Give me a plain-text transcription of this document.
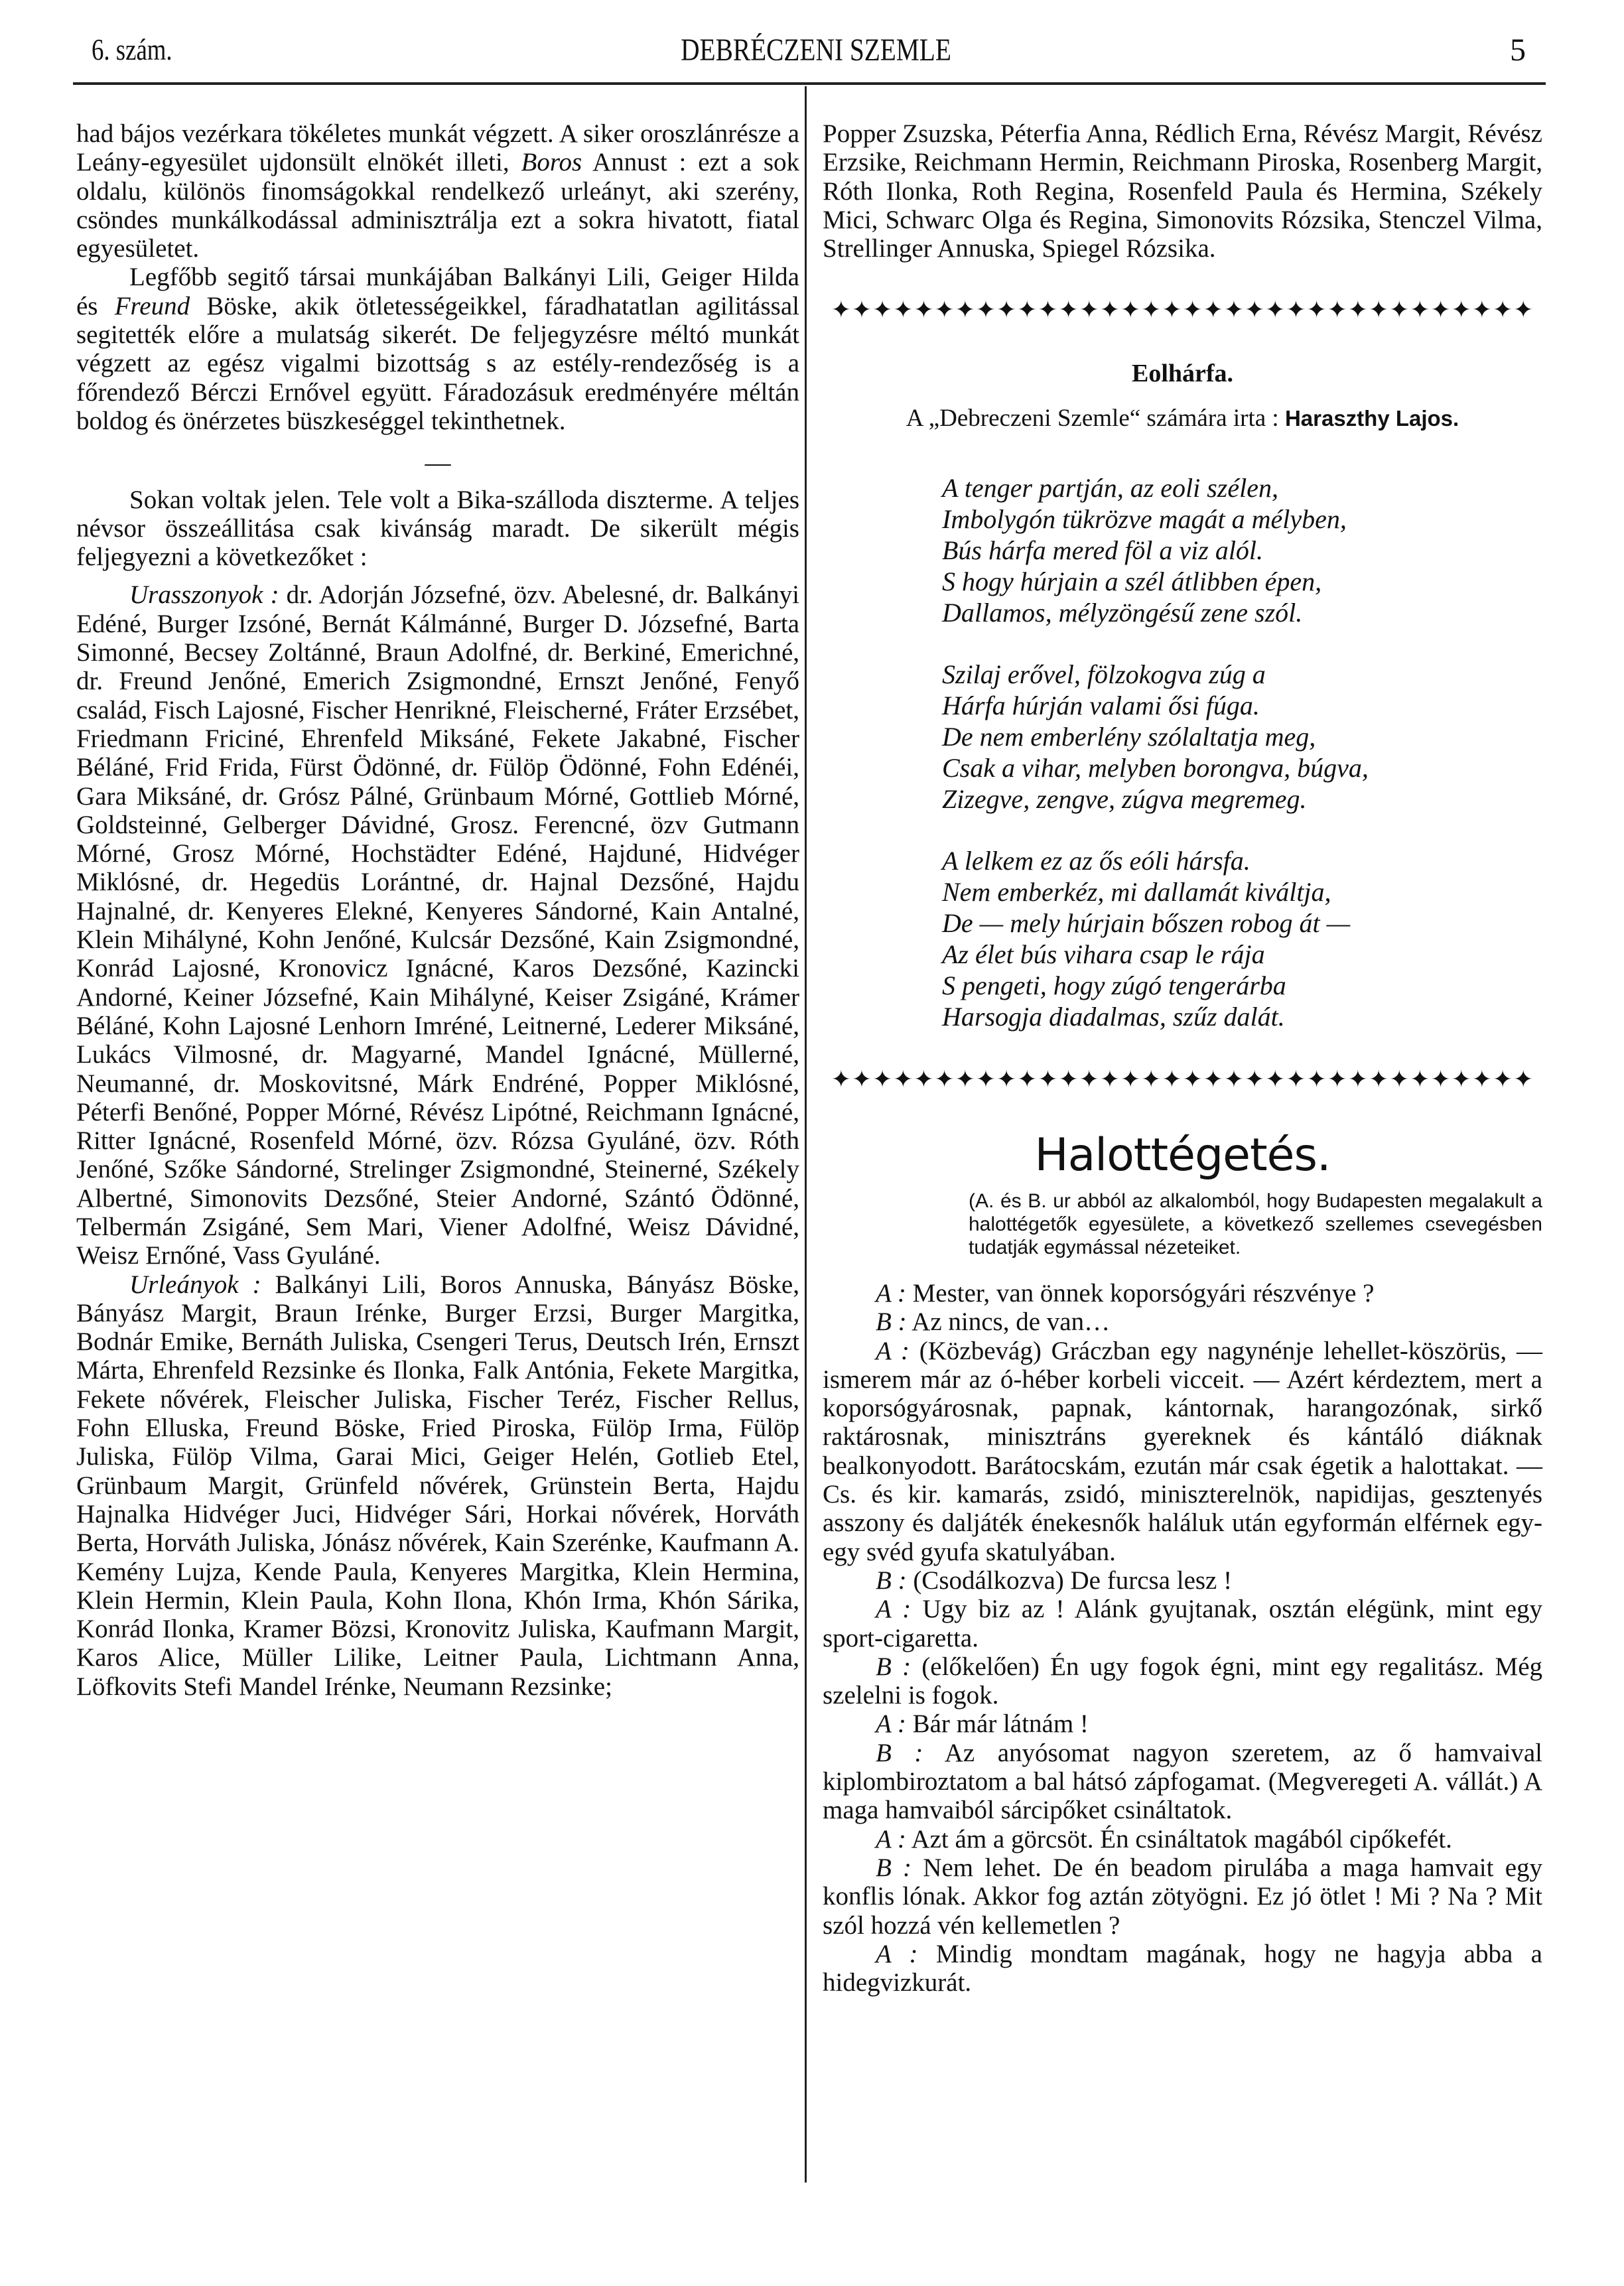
6. szám.	DEBRÉCZENI SZEMLE	5

had bájos vezérkara tökéletes munkát végzett. A siker oroszlánrésze a Leány-egyesület ujdonsült elnökét illeti, Boros Annust : ezt a sok oldalu, különös finomságokkal rendelkező urleányt, aki szerény, csöndes munkálkodással adminisztrálja ezt a sokra hivatott, fiatal egyesületet.

Legfőbb segitő társai munkájában Balkányi Lili, Geiger Hilda és Freund Böske, akik ötletességeikkel, fáradhatatlan agilitással segitették előre a mulatság sikerét. De feljegyzésre méltó munkát végzett az egész vigalmi bizottság s az estély-rendezőség is a főrendező Bérczi Ernővel együtt. Fáradozásuk eredményére méltán boldog és önérzetes büszkeséggel tekinthetnek.

—

Sokan voltak jelen. Tele volt a Bika-szálloda diszterme. A teljes névsor összeállitása csak kivánság maradt. De sikerült mégis feljegyezni a következőket :

Urasszonyok : dr. Adorján Józsefné, özv. Abelesné, dr. Balkányi Edéné, Burger Izsóné, Bernát Kálmánné, Burger D. Józsefné, Barta Simonné, Becsey Zoltánné, Braun Adolfné, dr. Berkiné, Emerichné, dr. Freund Jenőné, Emerich Zsigmondné, Ernszt Jenőné, Fenyő család, Fisch Lajosné, Fischer Henrikné, Fleischerné, Fráter Erzsébet, Friedmann Friciné, Ehrenfeld Miksáné, Fekete Jakabné, Fischer Béláné, Frid Frida, Fürst Ödönné, dr. Fülöp Ödönné, Fohn Edénéi, Gara Miksáné, dr. Grósz Pálné, Grünbaum Mórné, Gottlieb Mórné, Goldsteinné, Gelberger Dávidné, Grosz. Ferencné, özv Gutmann Mórné, Grosz Mórné, Hochstädter Edéné, Hajduné, Hidvéger Miklósné, dr. Hegedüs Lorántné, dr. Hajnal Dezsőné, Hajdu Hajnalné, dr. Kenyeres Elekné, Kenyeres Sándorné, Kain Antalné, Klein Mihályné, Kohn Jenőné, Kulcsár Dezsőné, Kain Zsigmondné, Konrád Lajosné, Kronovicz Ignácné, Karos Dezsőné, Kazincki Andorné, Keiner Józsefné, Kain Mihályné, Keiser Zsigáné, Krámer Béláné, Kohn Lajosné Lenhorn Imréné, Leitnerné, Lederer Miksáné, Lukács Vilmosné, dr. Magyarné, Mandel Ignácné, Müllerné, Neumanné, dr. Moskovitsné, Márk Endréné, Popper Miklósné, Péterfi Benőné, Popper Mórné, Révész Lipótné, Reichmann Ignácné, Ritter Ignácné, Rosenfeld Mórné, özv. Rózsa Gyuláné, özv. Róth Jenőné, Szőke Sándorné, Strelinger Zsigmondné, Steinerné, Székely Albertné, Simonovits Dezsőné, Steier Andorné, Szántó Ödönné, Telbermán Zsigáné, Sem Mari, Viener Adolfné, Weisz Dávidné, Weisz Ernőné, Vass Gyuláné.

Urleányok : Balkányi Lili, Boros Annuska, Bányász Böske, Bányász Margit, Braun Irénke, Burger Erzsi, Burger Margitka, Bodnár Emike, Bernáth Juliska, Csengeri Terus, Deutsch Irén, Ernszt Márta, Ehrenfeld Rezsinke és Ilonka, Falk Antónia, Fekete Margitka, Fekete nővérek, Fleischer Juliska, Fischer Teréz, Fischer Rellus, Fohn Elluska, Freund Böske, Fried Piroska, Fülöp Irma, Fülöp Juliska, Fülöp Vilma, Garai Mici, Geiger Helén, Gotlieb Etel, Grünbaum Margit, Grünfeld nővérek, Grünstein Berta, Hajdu Hajnalka Hidvéger Juci, Hidvéger Sári, Horkai nővérek, Horváth Berta, Horváth Juliska, Jónász nővérek, Kain Szerénke, Kaufmann A. Kemény Lujza, Kende Paula, Kenyeres Margitka, Klein Hermina, Klein Hermin, Klein Paula, Kohn Ilona, Khón Irma, Khón Sárika, Konrád Ilonka, Kramer Bözsi, Kronovitz Juliska, Kaufmann Margit, Karos Alice, Müller Lilike, Leitner Paula, Lichtmann Anna, Löfkovits Stefi Mandel Irénke, Neumann Rezsinke;

Popper Zsuzska, Péterfia Anna, Rédlich Erna, Révész Margit, Révész Erzsike, Reichmann Hermin, Reichmann Piroska, Rosenberg Margit, Róth Ilonka, Roth Regina, Rosenfeld Paula és Hermina, Székely Mici, Schwarc Olga és Regina, Simonovits Rózsika, Stenczel Vilma, Strellinger Annuska, Spiegel Rózsika.

✦✦✦✦✦✦✦✦✦✦✦✦✦✦✦✦✦✦✦✦✦✦✦✦✦✦✦✦✦✦✦✦✦✦
Eolhárfa.
A „Debreczeni Szemle“ számára irta : Haraszthy Lajos.
A tenger partján, az eoli szélen,
Imbolygón tükrözve magát a mélyben,
Bús hárfa mered föl a viz alól.
S hogy húrjain a szél átlibben épen,
Dallamos, mélyzöngésű zene szól.
Szilaj erővel, fölzokogva zúg a
Hárfa húrján valami ősi fúga.
De nem emberlény szólaltatja meg,
Csak a vihar, melyben borongva, búgva,
Zizegve, zengve, zúgva megremeg.
A lelkem ez az ős eóli hársfa.
Nem emberkéz, mi dallamát kiváltja,
De — mely húrjain bőszen robog át —
Az élet bús vihara csap le rája
S pengeti, hogy zúgó tengerárba
Harsogja diadalmas, szűz dalát.
✦✦✦✦✦✦✦✦✦✦✦✦✦✦✦✦✦✦✦✦✦✦✦✦✦✦✦✦✦✦✦✦✦✦
Halottégetés.
(A. és B. ur abból az alkalomból, hogy Budapesten megalakult a halottégetők egyesülete, a következő szellemes csevegésben tudatják egymással nézeteiket.

A : Mester, van önnek koporsógyári részvénye ?

B : Az nincs, de van…

A : (Közbevág) Gráczban egy nagynénje lehellet-köszörüs, — ismerem már az ó-héber korbeli vicceit. — Azért kérdeztem, mert a koporsógyárosnak, papnak, kántornak, harangozónak, sirkő raktárosnak, minisztráns gyereknek és kántáló diáknak bealkonyodott. Barátocskám, ezután már csak égetik a halottakat. — Cs. és kir. kamarás, zsidó, miniszterelnök, napidijas, gesztenyés asszony és daljáték énekesnők haláluk után egyformán elférnek egy-egy svéd gyufa skatulyában.

B : (Csodálkozva) De furcsa lesz !

A : Ugy biz az ! Alánk gyujtanak, osztán elégünk, mint egy sport-cigaretta.

B : (előkelően) Én ugy fogok égni, mint egy regalitász. Még szelelni is fogok.

A : Bár már látnám !

B : Az anyósomat nagyon szeretem, az ő hamvaival kiplombiroztatom a bal hátsó zápfogamat. (Megveregeti A. vállát.) A maga hamvaiból sárcipőket csináltatok.

A : Azt ám a görcsöt. Én csináltatok magából cipőkefét.

B : Nem lehet. De én beadom pirulába a maga hamvait egy konflis lónak. Akkor fog aztán zötyögni. Ez jó ötlet ! Mi ? Na ? Mit szól hozzá vén kellemetlen ?

A : Mindig mondtam magának, hogy ne hagyja abba a hidegvizkurát.
